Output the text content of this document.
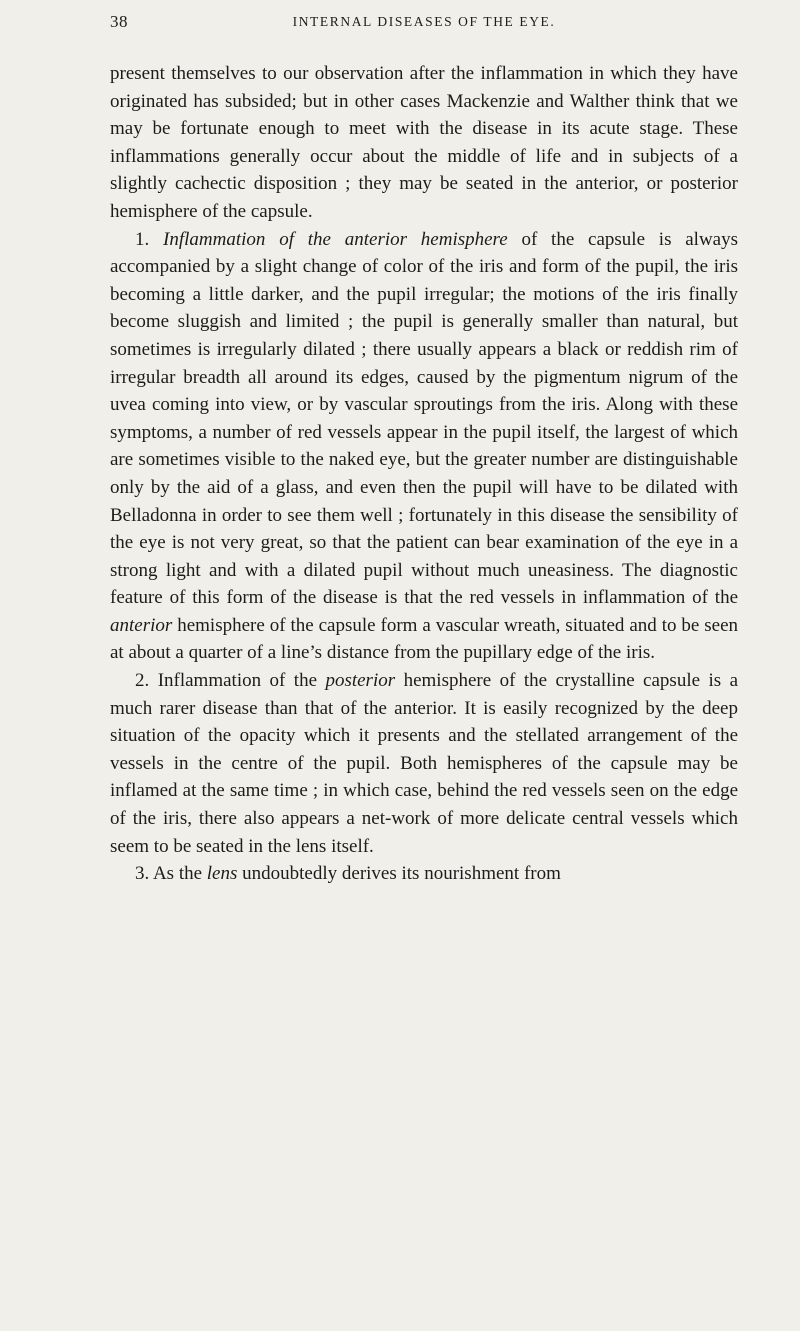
38	INTERNAL DISEASES OF THE EYE.

present themselves to our observation after the inflammation in which they have originated has subsided; but in other cases Mackenzie and Walther think that we may be fortunate enough to meet with the disease in its acute stage. These inflammations generally occur about the middle of life and in subjects of a slightly cachectic disposition ; they may be seated in the anterior, or posterior hemisphere of the capsule.

1. Inflammation of the anterior hemisphere of the capsule is always accompanied by a slight change of color of the iris and form of the pupil, the iris becoming a little darker, and the pupil irregular; the motions of the iris finally become sluggish and limited ; the pupil is generally smaller than natural, but sometimes is irregularly dilated ; there usually appears a black or reddish rim of irregular breadth all around its edges, caused by the pigmentum nigrum of the uvea coming into view, or by vascular sproutings from the iris. Along with these symptoms, a number of red vessels appear in the pupil itself, the largest of which are sometimes visible to the naked eye, but the greater number are distinguishable only by the aid of a glass, and even then the pupil will have to be dilated with Belladonna in order to see them well ; fortunately in this disease the sensibility of the eye is not very great, so that the patient can bear examination of the eye in a strong light and with a dilated pupil without much uneasiness. The diagnostic feature of this form of the disease is that the red vessels in inflammation of the anterior hemisphere of the capsule form a vascular wreath, situated and to be seen at about a quarter of a line’s distance from the pupillary edge of the iris.

2. Inflammation of the posterior hemisphere of the crystalline capsule is a much rarer disease than that of the anterior. It is easily recognized by the deep situation of the opacity which it presents and the stellated arrangement of the vessels in the centre of the pupil. Both hemispheres of the capsule may be inflamed at the same time ; in which case, behind the red vessels seen on the edge of the iris, there also appears a net-work of more delicate central vessels which seem to be seated in the lens itself.

3. As the lens undoubtedly derives its nourishment from
